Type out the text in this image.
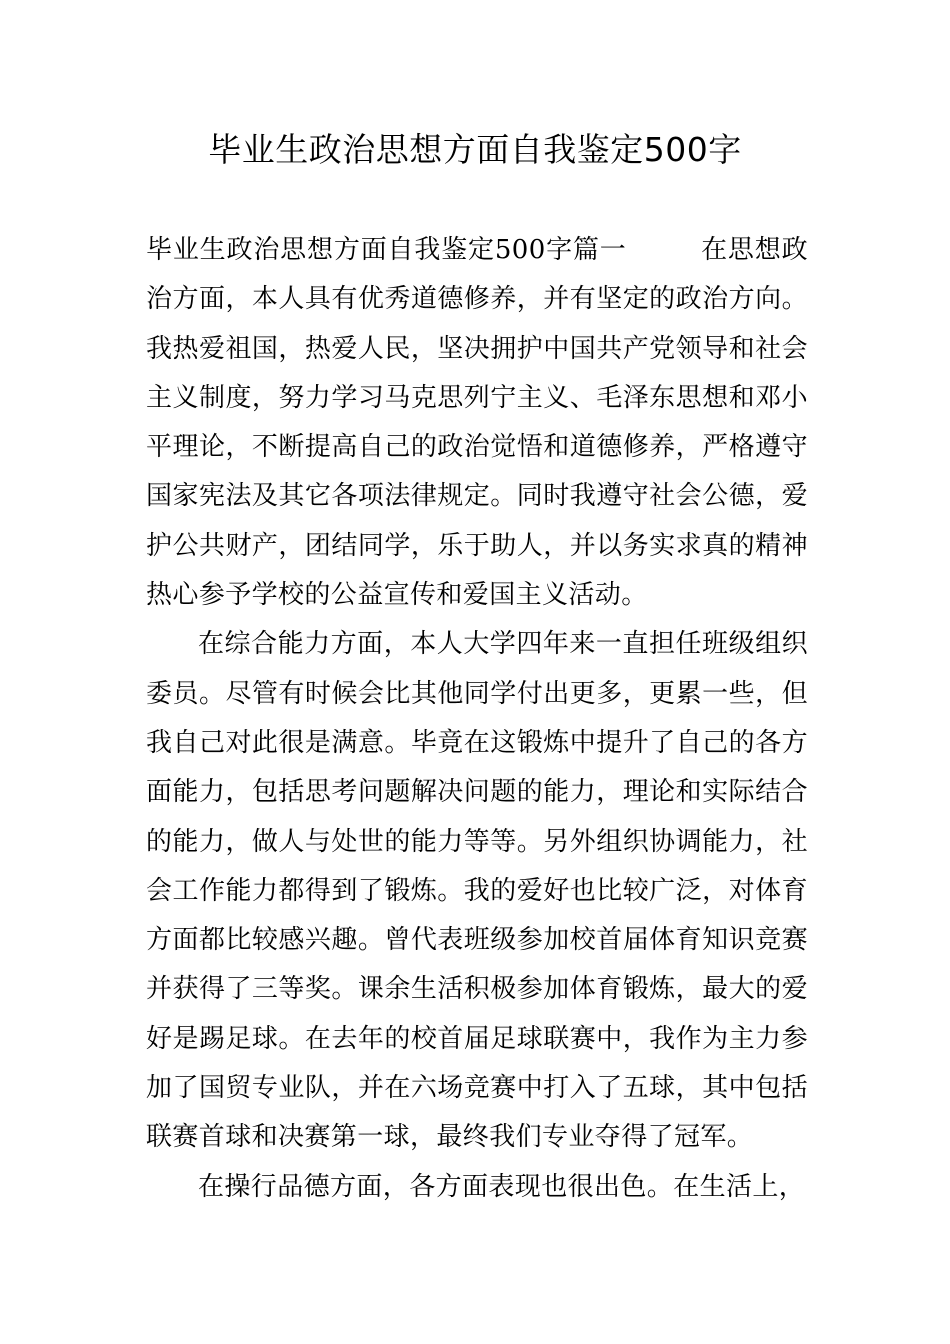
毕业生政治思想方面自我鉴定500字

毕业生政治思想方面自我鉴定500字篇一	在思想政治方面，本人具有优秀道德修养，并有坚定的政治方向。我热爱祖国，热爱人民，坚决拥护中国共产党领导和社会主义制度，努力学习马克思列宁主义、毛泽东思想和邓小平理论，不断提高自己的政治觉悟和道德修养，严格遵守国家宪法及其它各项法律规定。同时我遵守社会公德，爱护公共财产，团结同学，乐于助人，并以务实求真的精神热心参予学校的公益宣传和爱国主义活动。

在综合能力方面，本人大学四年来一直担任班级组织委员。尽管有时候会比其他同学付出更多，更累一些，但我自己对此很是满意。毕竟在这锻炼中提升了自己的各方面能力，包括思考问题解决问题的能力，理论和实际结合的能力，做人与处世的能力等等。另外组织协调能力，社会工作能力都得到了锻炼。我的爱好也比较广泛，对体育方面都比较感兴趣。曾代表班级参加校首届体育知识竞赛并获得了三等奖。课余生活积极参加体育锻炼，最大的爱好是踢足球。在去年的校首届足球联赛中，我作为主力参加了国贸专业队，并在六场竞赛中打入了五球，其中包括联赛首球和决赛第一球，最终我们专业夺得了冠军。

在操行品德方面，各方面表现也很出色。在生活上，
